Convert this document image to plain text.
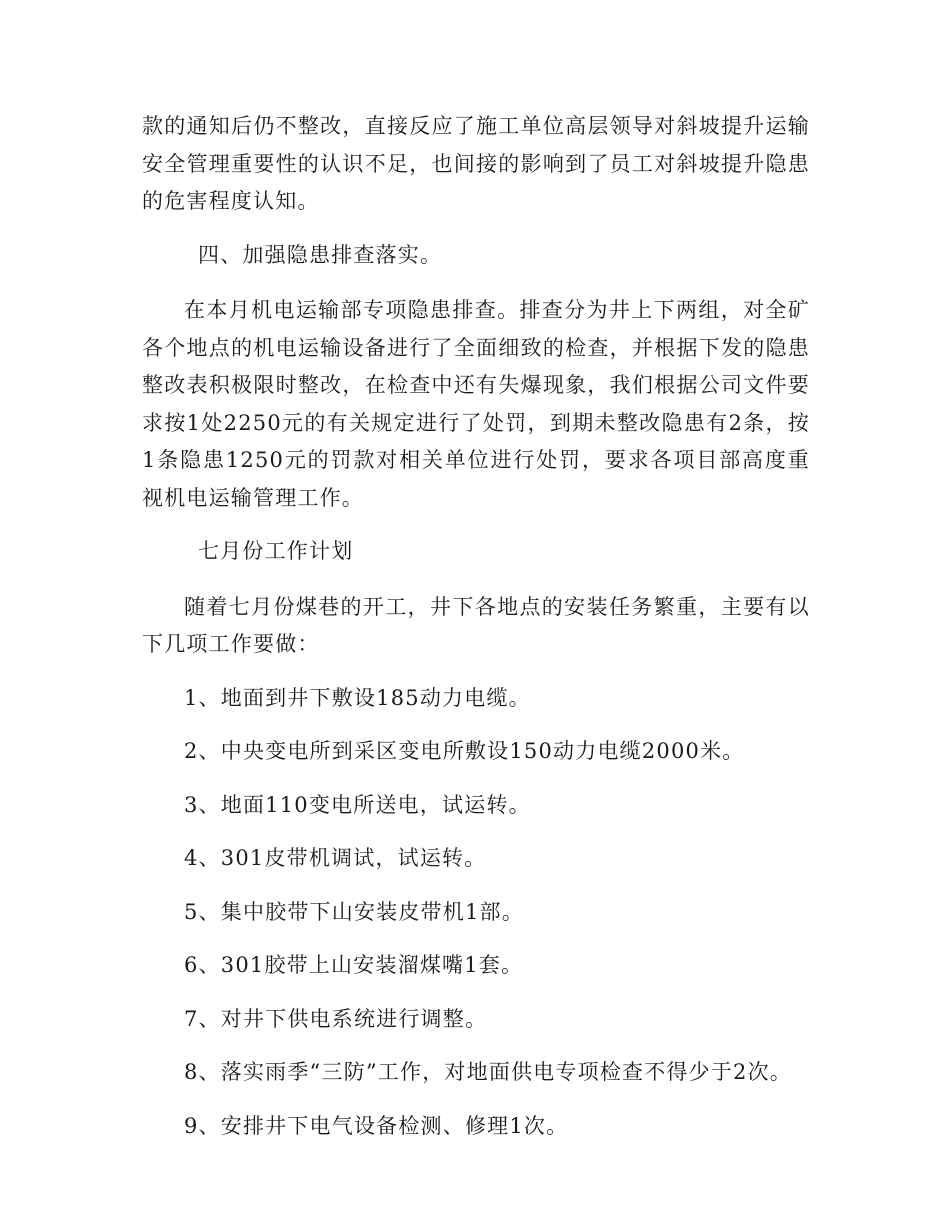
款的通知后仍不整改，直接反应了施工单位高层领导对斜坡提升运输安全管理重要性的认识不足，也间接的影响到了员工对斜坡提升隐患的危害程度认知。

四、加强隐患排查落实。

在本月机电运输部专项隐患排查。排查分为井上下两组，对全矿各个地点的机电运输设备进行了全面细致的检查，并根据下发的隐患整改表积极限时整改，在检查中还有失爆现象，我们根据公司文件要求按1处2250元的有关规定进行了处罚，到期未整改隐患有2条，按1条隐患1250元的罚款对相关单位进行处罚，要求各项目部高度重视机电运输管理工作。

七月份工作计划

随着七月份煤巷的开工，井下各地点的安装任务繁重，主要有以下几项工作要做：

1、地面到井下敷设185动力电缆。

2、中央变电所到采区变电所敷设150动力电缆2000米。

3、地面110变电所送电，试运转。

4、301皮带机调试，试运转。

5、集中胶带下山安装皮带机1部。

6、301胶带上山安装溜煤嘴1套。

7、对井下供电系统进行调整。

8、落实雨季“三防”工作，对地面供电专项检查不得少于2次。

9、安排井下电气设备检测、修理1次。
